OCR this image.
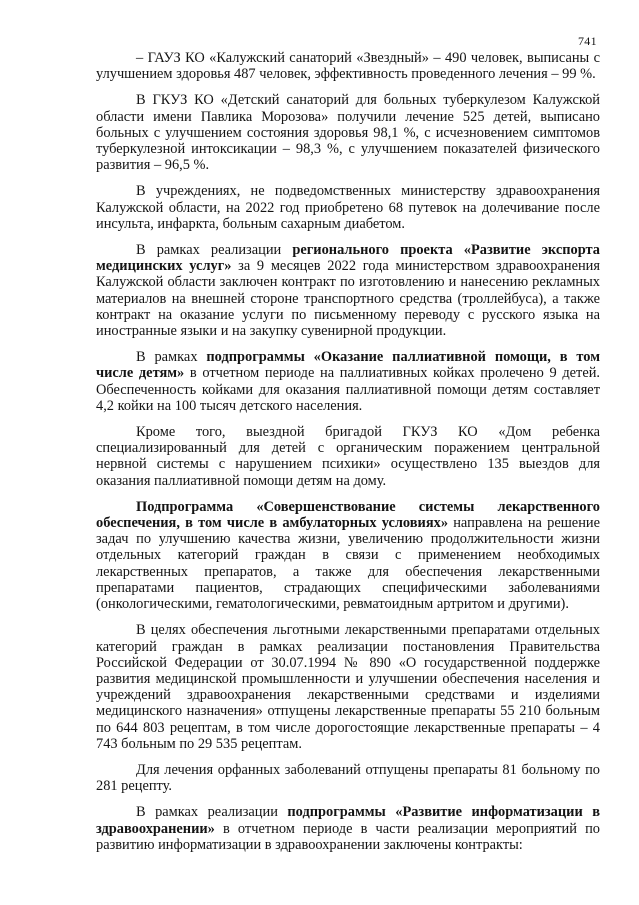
741

– ГАУЗ КО «Калужский санаторий «Звездный» – 490 человек, выписаны с улучшением здоровья 487 человек, эффективность проведенного лечения – 99 %.

В ГКУЗ КО «Детский санаторий для больных туберкулезом Калужской области имени Павлика Морозова» получили лечение 525 детей, выписано больных с улучшением состояния здоровья 98,1 %, с исчезновением симптомов туберкулезной интоксикации – 98,3 %, с улучшением показателей физического развития – 96,5 %.

В учреждениях, не подведомственных министерству здравоохранения Калужской области, на 2022 год приобретено 68 путевок на долечивание после инсульта, инфаркта, больным сахарным диабетом.

В рамках реализации регионального проекта «Развитие экспорта медицинских услуг» за 9 месяцев 2022 года министерством здравоохранения Калужской области заключен контракт по изготовлению и нанесению рекламных материалов на внешней стороне транспортного средства (троллейбуса), а также контракт на оказание услуги по письменному переводу с русского языка на иностранные языки и на закупку сувенирной продукции.

В рамках подпрограммы «Оказание паллиативной помощи, в том числе детям» в отчетном периоде на паллиативных койках пролечено 9 детей. Обеспеченность койками для оказания паллиативной помощи детям составляет 4,2 койки на 100 тысяч детского населения.

Кроме того, выездной бригадой ГКУЗ КО «Дом ребенка специализированный для детей с органическим поражением центральной нервной системы с нарушением психики» осуществлено 135 выездов для оказания паллиативной помощи детям на дому.

Подпрограмма «Совершенствование системы лекарственного обеспечения, в том числе в амбулаторных условиях» направлена на решение задач по улучшению качества жизни, увеличению продолжительности жизни отдельных категорий граждан в связи с применением необходимых лекарственных препаратов, а также для обеспечения лекарственными препаратами пациентов, страдающих специфическими заболеваниями (онкологическими, гематологическими, ревматоидным артритом и другими).

В целях обеспечения льготными лекарственными препаратами отдельных категорий граждан в рамках реализации постановления Правительства Российской Федерации от 30.07.1994 № 890 «О государственной поддержке развития медицинской промышленности и улучшении обеспечения населения и учреждений здравоохранения лекарственными средствами и изделиями медицинского назначения» отпущены лекарственные препараты 55 210 больным по 644 803 рецептам, в том числе дорогостоящие лекарственные препараты – 4 743 больным по 29 535 рецептам.

Для лечения орфанных заболеваний отпущены препараты 81 больному по 281 рецепту.

В рамках реализации подпрограммы «Развитие информатизации в здравоохранении» в отчетном периоде в части реализации мероприятий по развитию информатизации в здравоохранении заключены контракты:
